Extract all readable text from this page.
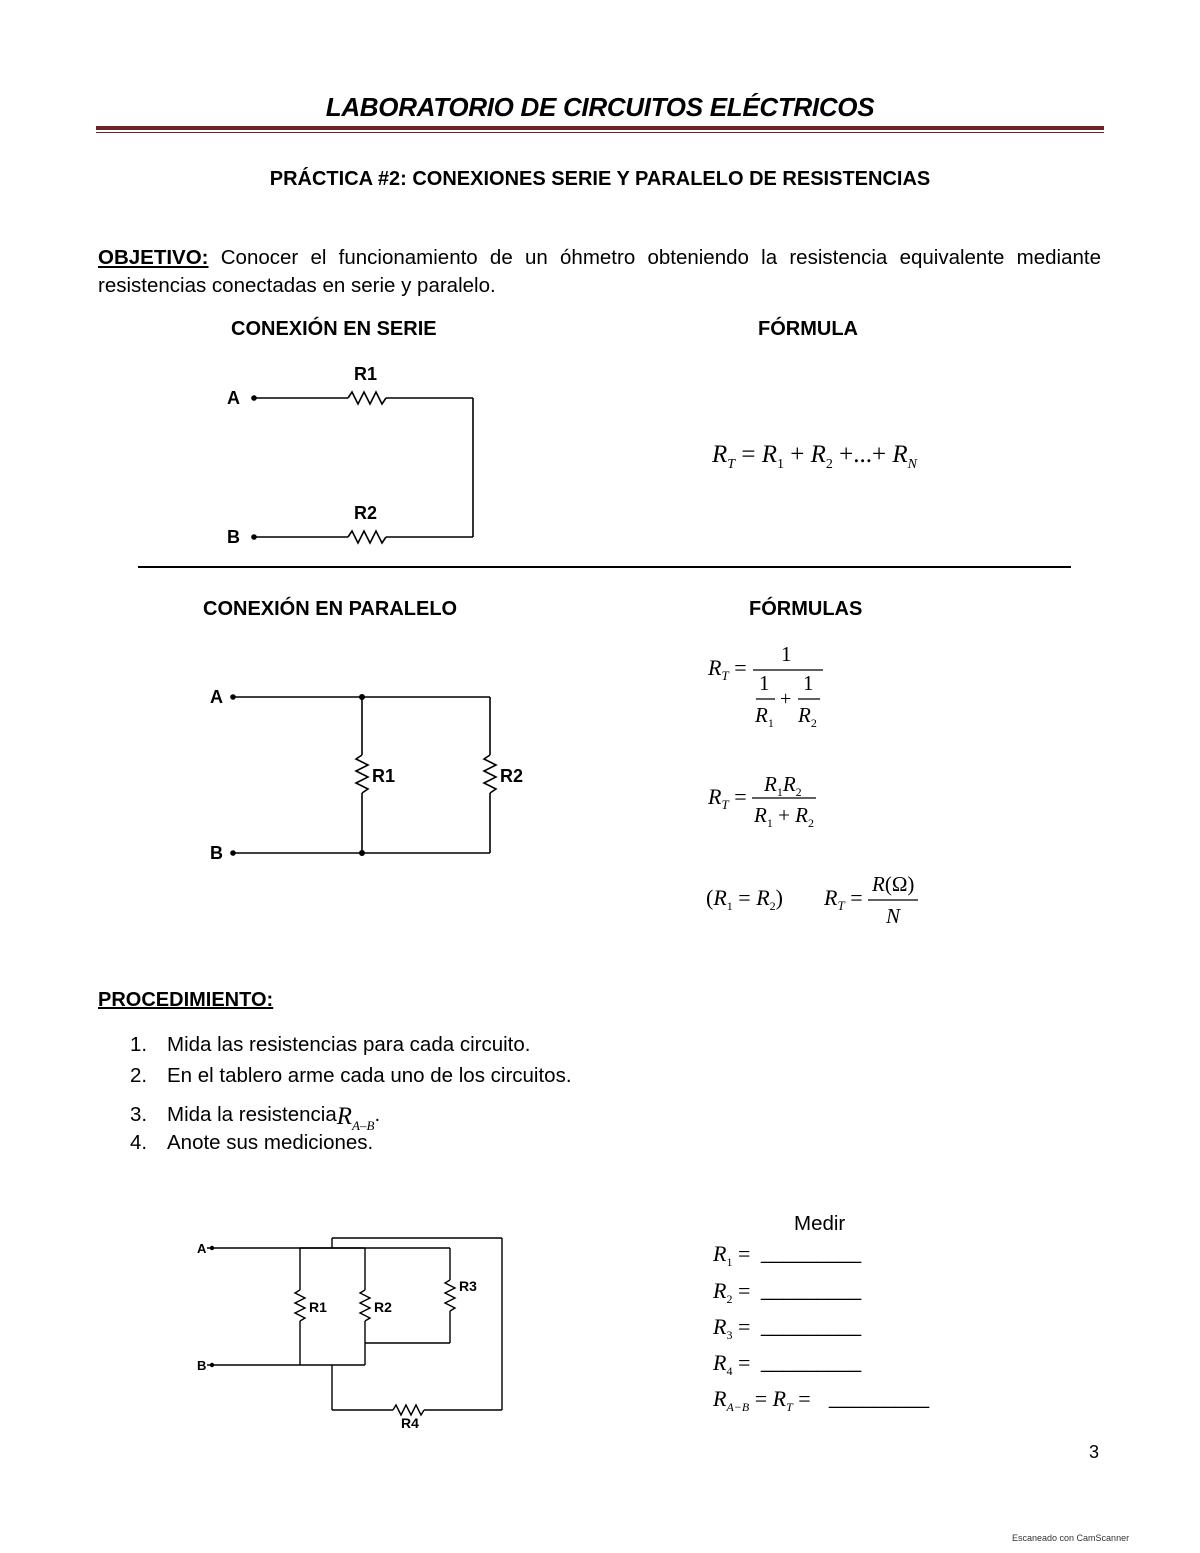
LABORATORIO DE CIRCUITOS ELÉCTRICOS
PRÁCTICA #2: CONEXIONES SERIE Y PARALELO DE RESISTENCIAS
OBJETIVO: Conocer el funcionamiento de un óhmetro obteniendo la resistencia equivalente mediante resistencias conectadas en serie y paralelo.
CONEXIÓN EN SERIE	FÓRMULA
A
B
R1
R2
$R_T = R_1 + R_2$ +...+ $R_N$
CONEXIÓN EN PARALELO	FÓRMULAS
A
B
R1	R2
$R_T$ =
1
1
$R_1$
+
1
$R_2$
$R_T = R_1R_2$
$R_1 + R_2$
$(R_1 = R_2) R_T$ =
R(Ω)
N
PROCEDIMIENTO:
1. Mida las resistencias para cada circuito.
2. En el tablero arme cada uno de los circuitos.
3. Mida la resistencia R A–B .
4. Anote sus mediciones.
A
B
R1	R2
R3
R4
Medir
$R_1$ = _________
$R_2$ = _________
$R_3$ = _________
$R_4$ = _________
$R_{A-B} = R_T$ = _________
3
Escaneado con CamScanner
